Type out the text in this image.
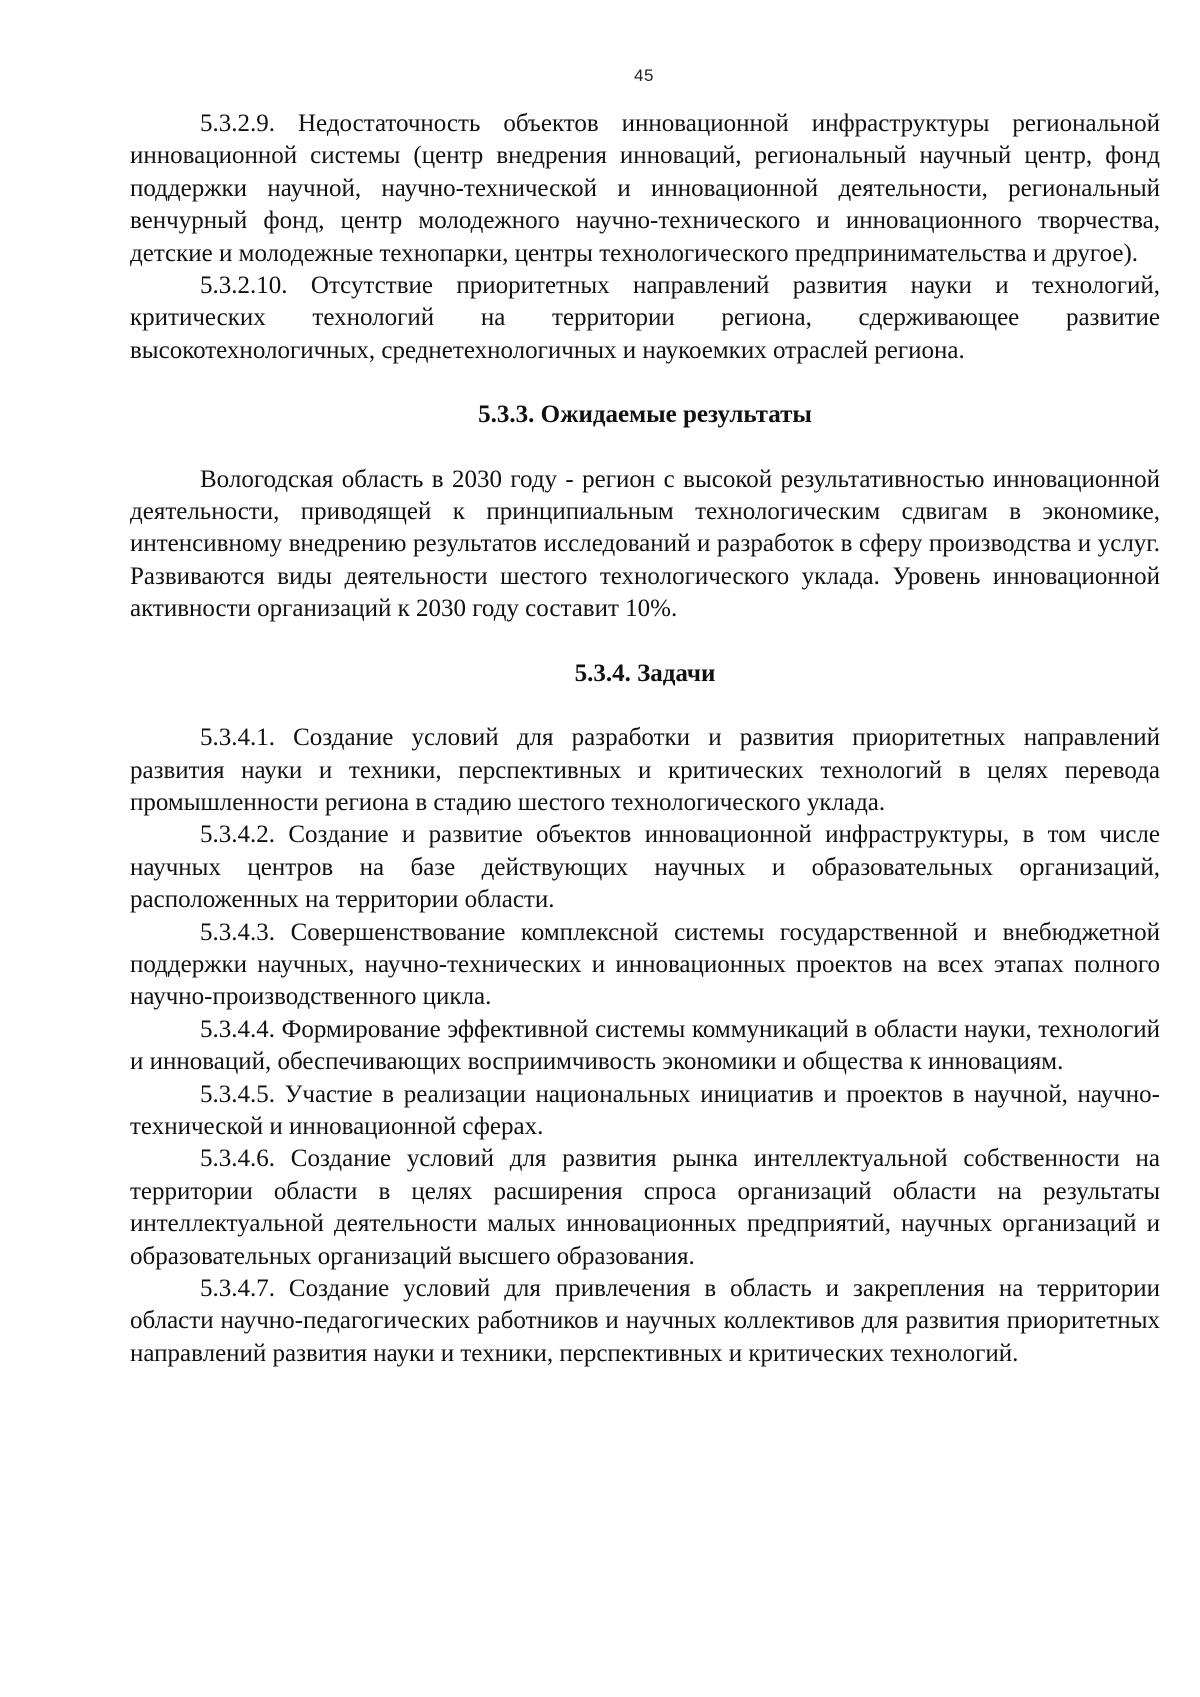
45

5.3.2.9. Недостаточность объектов инновационной инфраструктуры региональной инновационной системы (центр внедрения инноваций, региональный научный центр, фонд поддержки научной, научно-технической и инновационной деятельности, региональный венчурный фонд, центр молодежного научно-технического и инновационного творчества, детские и молодежные технопарки, центры технологического предпринимательства и другое).

5.3.2.10. Отсутствие приоритетных направлений развития науки и технологий, критических технологий на территории региона, сдерживающее развитие высокотехнологичных, среднетехнологичных и наукоемких отраслей региона.

5.3.3. Ожидаемые результаты

Вологодская область в 2030 году - регион с высокой результативностью инновационной деятельности, приводящей к принципиальным технологическим сдвигам в экономике, интенсивному внедрению результатов исследований и разработок в сферу производства и услуг. Развиваются виды деятельности шестого технологического уклада. Уровень инновационной активности организаций к 2030 году составит 10%.

5.3.4. Задачи

5.3.4.1. Создание условий для разработки и развития приоритетных направлений развития науки и техники, перспективных и критических технологий в целях перевода промышленности региона в стадию шестого технологического уклада.

5.3.4.2. Создание и развитие объектов инновационной инфраструктуры, в том числе научных центров на базе действующих научных и образовательных организаций, расположенных на территории области.

5.3.4.3. Совершенствование комплексной системы государственной и внебюджетной поддержки научных, научно-технических и инновационных проектов на всех этапах полного научно-производственного цикла.

5.3.4.4. Формирование эффективной системы коммуникаций в области науки, технологий и инноваций, обеспечивающих восприимчивость экономики и общества к инновациям.

5.3.4.5. Участие в реализации национальных инициатив и проектов в научной, научно-технической и инновационной сферах.

5.3.4.6. Создание условий для развития рынка интеллектуальной собственности на территории области в целях расширения спроса организаций области на результаты интеллектуальной деятельности малых инновационных предприятий, научных организаций и образовательных организаций высшего образования.

5.3.4.7. Создание условий для привлечения в область и закрепления на территории области научно-педагогических работников и научных коллективов для развития приоритетных направлений развития науки и техники, перспективных и критических технологий.
